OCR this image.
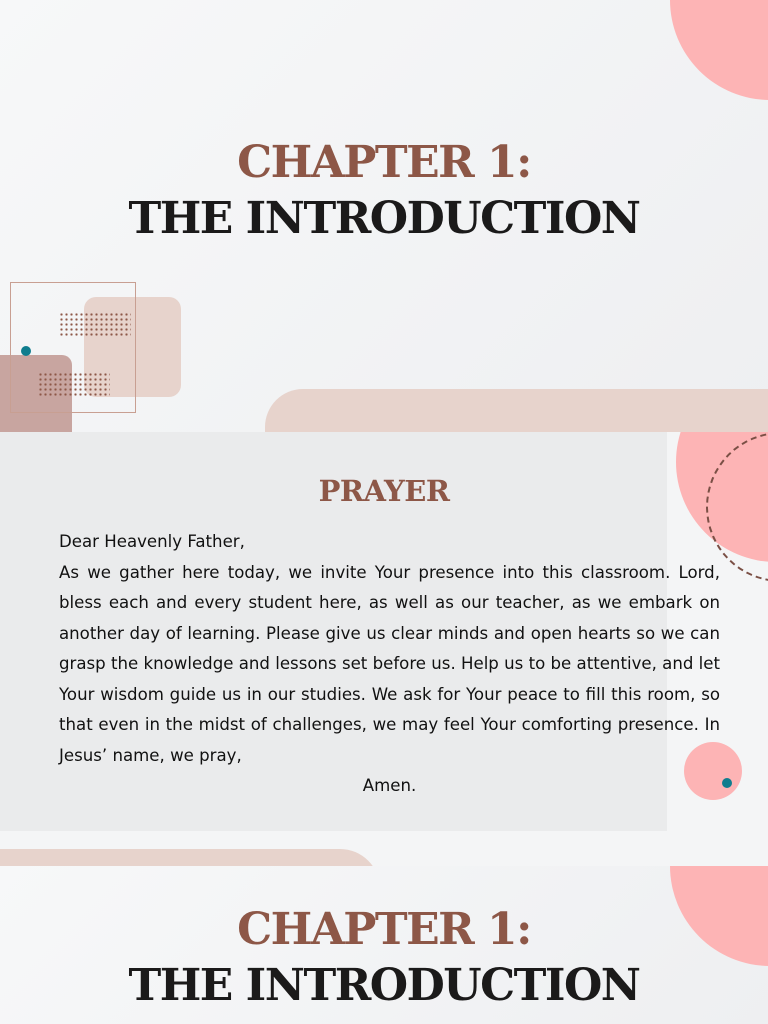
CHAPTER 1:
THE INTRODUCTION
PRAYER

Dear Heavenly Father,

As we gather here today, we invite Your presence into this classroom. Lord, bless each and every student here, as well as our teacher, as we embark on another day of learning. Please give us clear minds and open hearts so we can grasp the knowledge and lessons set before us. Help us to be attentive, and let Your wisdom guide us in our studies. We ask for Your peace to fill this room, so that even in the midst of challenges, we may feel Your comforting presence. In Jesus’ name, we pray,

Amen.

CHAPTER 1:
THE INTRODUCTION
